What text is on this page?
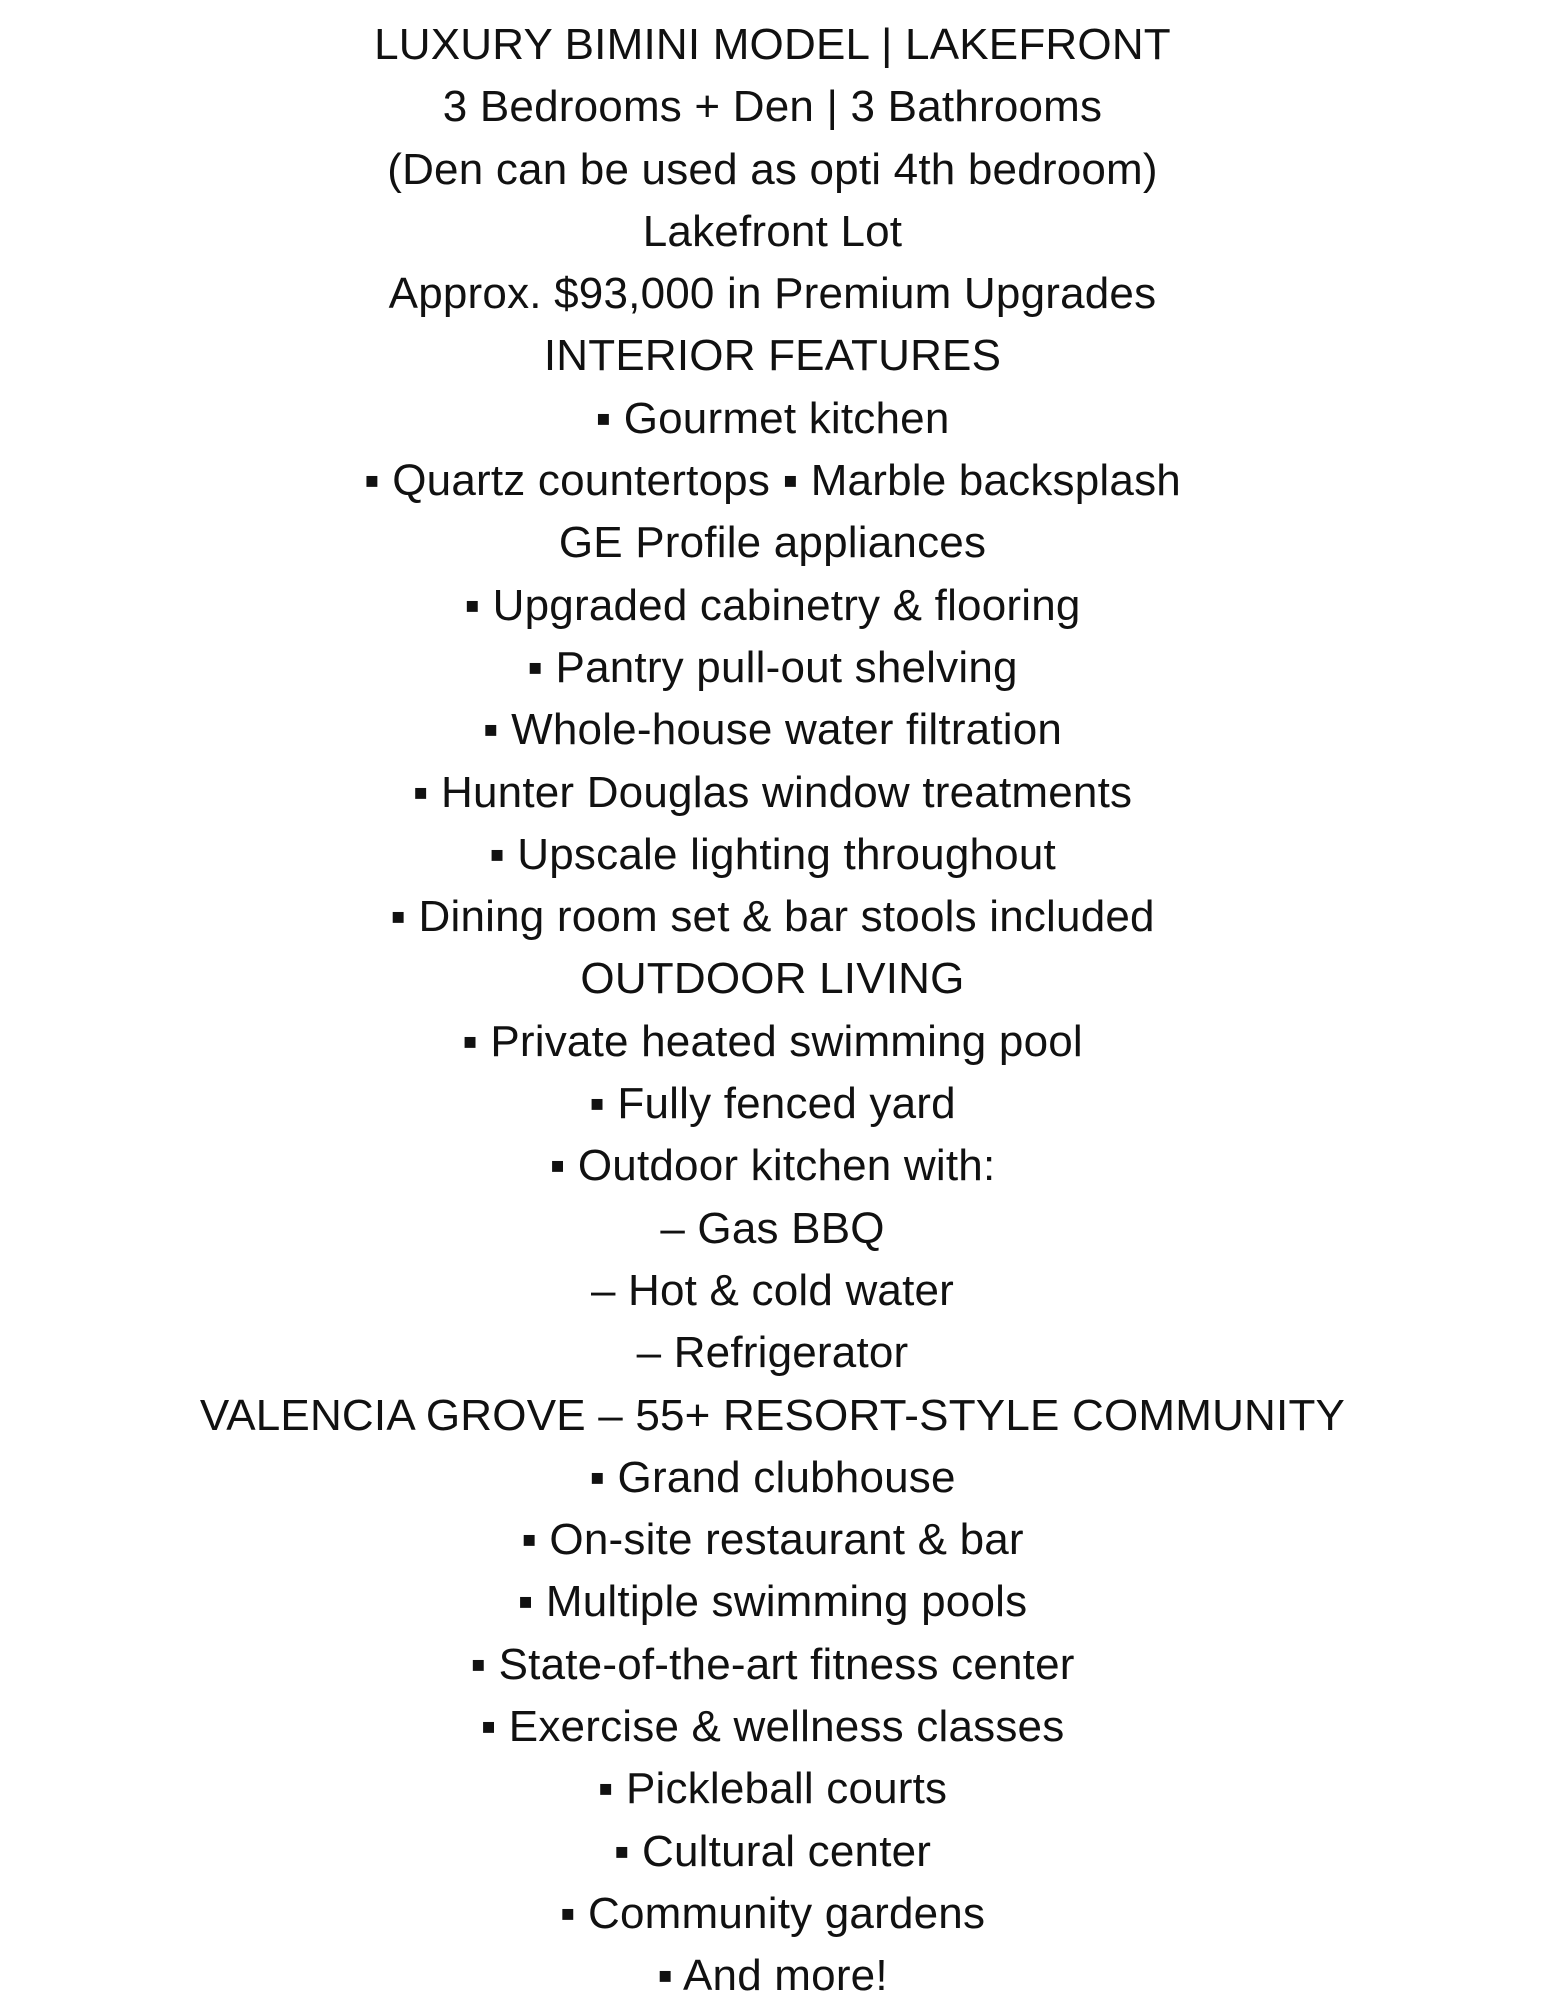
LUXURY BIMINI MODEL | LAKEFRONT
3 Bedrooms + Den | 3 Bathrooms
(Den can be used as opti 4th bedroom)
Lakefront Lot
Approx. $93,000 in Premium Upgrades
INTERIOR FEATURES
▪ Gourmet kitchen
▪ Quartz countertops ▪ Marble backsplash
GE Profile appliances
▪ Upgraded cabinetry & flooring
▪ Pantry pull-out shelving
▪ Whole-house water filtration
▪ Hunter Douglas window treatments
▪ Upscale lighting throughout
▪ Dining room set & bar stools included
OUTDOOR LIVING
▪ Private heated swimming pool
▪ Fully fenced yard
▪ Outdoor kitchen with:
– Gas BBQ
– Hot & cold water
– Refrigerator
VALENCIA GROVE – 55+ RESORT-STYLE COMMUNITY
▪ Grand clubhouse
▪ On-site restaurant & bar
▪ Multiple swimming pools
▪ State-of-the-art fitness center
▪ Exercise & wellness classes
▪ Pickleball courts
▪ Cultural center
▪ Community gardens
▪ And more!
